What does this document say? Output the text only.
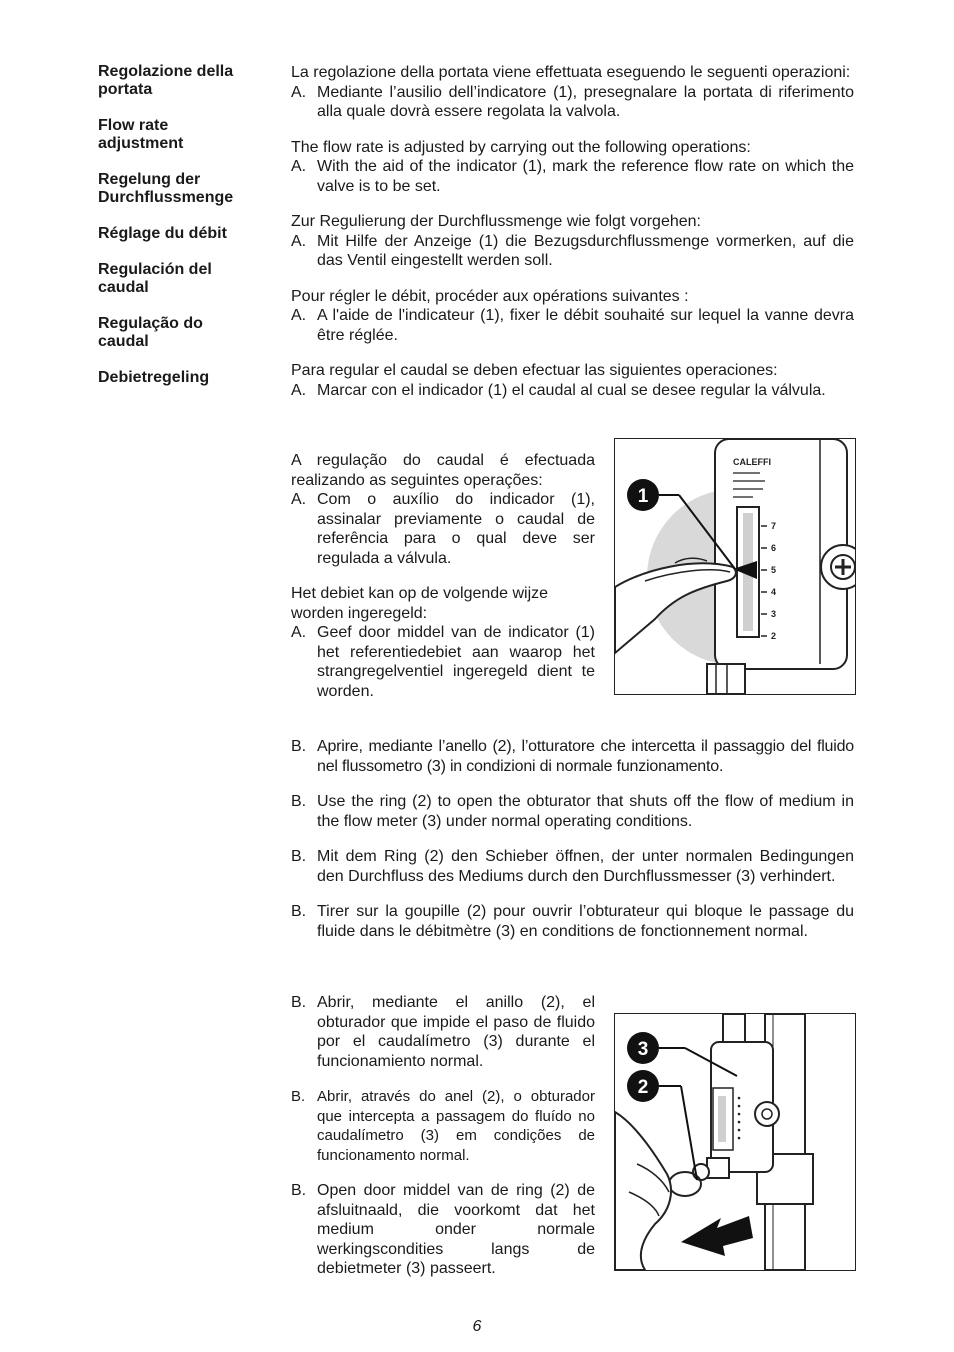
Regolazione della
portata
Flow rate
adjustment
Regelung der
Durchflussmenge
Réglage du débit
Regulación del
caudal
Regulação do
caudal
Debietregeling

La regolazione della portata viene effettuata eseguendo le seguenti operazioni:

A. Mediante l’ausilio dell’indicatore (1), presegnalare la portata di riferimento alla quale dovrà essere regolata la valvola.

The flow rate is adjusted by carrying out the following operations:

A. With the aid of the indicator (1), mark the reference flow rate on which the valve is to be set.

Zur Regulierung der Durchflussmenge wie folgt vorgehen:

A. Mit Hilfe der Anzeige (1) die Bezugsdurchflussmenge vormerken, auf die das Ventil eingestellt werden soll.

Pour régler le débit, procéder aux opérations suivantes :

A. A l'aide de l'indicateur (1), fixer le débit souhaité sur lequel la vanne devra être réglée.

Para regular el caudal se deben efectuar las siguientes operaciones:

A. Marcar con el indicador (1) el caudal al cual se desee regular la válvula.

A regulação do caudal é efectuada realizando as seguintes operações:

A. Com o auxílio do indicador (1), assinalar previamente o caudal de referência para o qual deve ser regulada a válvula.

Het debiet kan op de volgende wijze worden ingeregeld:

A. Geef door middel van de indicator (1) het referentiedebiet aan waarop het strangregelventiel ingeregeld dient te worden.
CALEFFI
7
6
5
4
3
2
1
B. Aprire, mediante l’anello (2), l’otturatore che intercetta il passaggio del fluido nel flussometro (3) in condizioni di normale funzionamento.
B. Use the ring (2) to open the obturator that shuts off the flow of medium in the flow meter (3) under normal operating conditions.
B. Mit dem Ring (2) den Schieber öffnen, der unter normalen Bedingungen den Durchfluss des Mediums durch den Durchflussmesser (3) verhindert.
B. Tirer sur la goupille (2) pour ouvrir l’obturateur qui bloque le passage du fluide dans le débitmètre (3) en conditions de fonctionnement normal.
B. Abrir, mediante el anillo (2), el obturador que impide el paso de fluido por el caudalímetro (3) durante el funcionamiento normal.
B. Abrir, através do anel (2), o obturador que intercepta a passagem do fluído no caudalímetro (3) em condições de funcionamento normal.
B. Open door middel van de ring (2) de afsluitnaald, die voorkomt dat het medium onder normale werkingscondities langs de debietmeter (3) passeert.
3
2
6
